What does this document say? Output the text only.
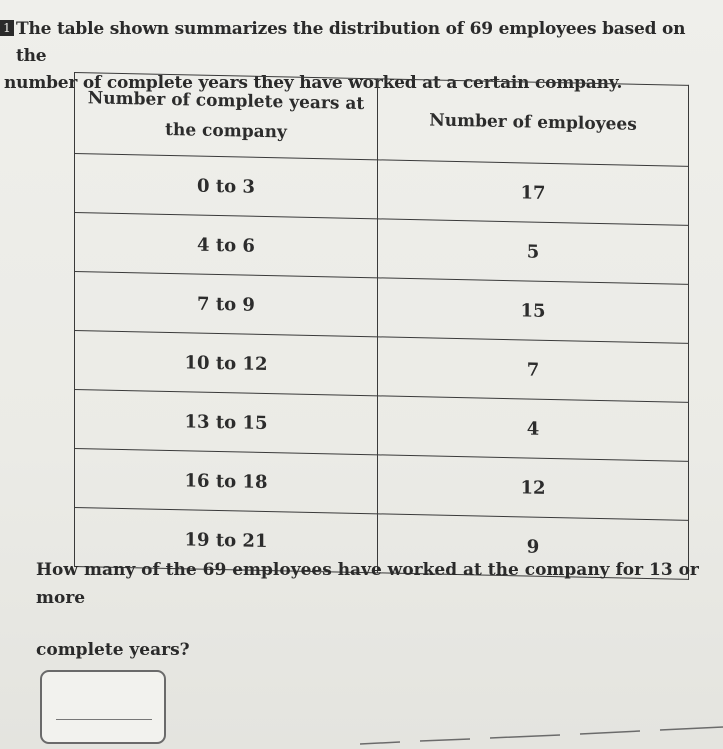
1 The table shown summarizes the distribution of 69 employees based on the
number of complete years they have worked at a certain company.
Number of complete years at
the company	Number of employees
0 to 3	17
4 to 6	5
7 to 9	15
10 to 12	7
13 to 15	4
16 to 18	12
19 to 21	9
How many of the 69 employees have worked at the company for 13 or more
complete years?
